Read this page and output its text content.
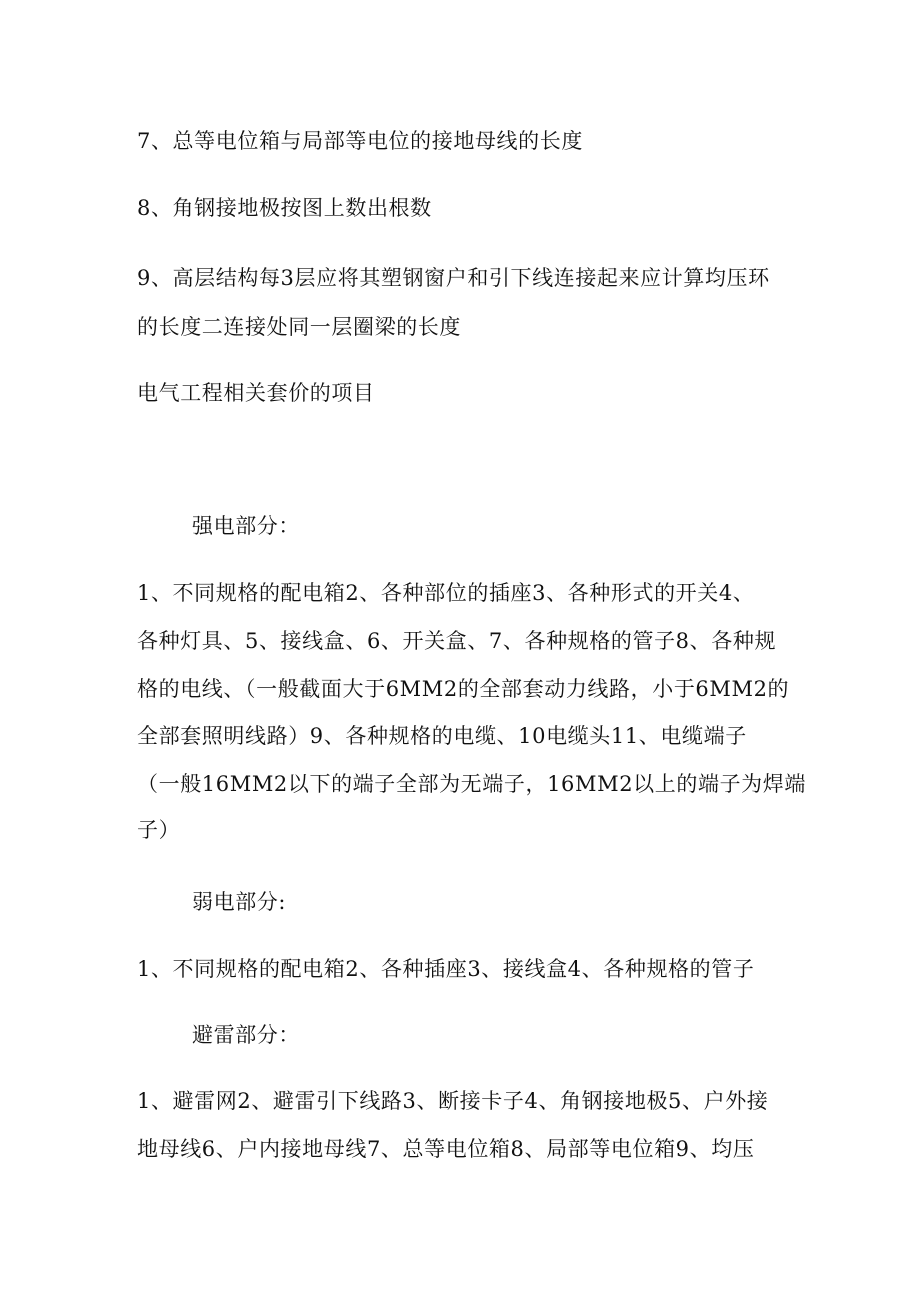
7、总等电位箱与局部等电位的接地母线的长度

8、角钢接地极按图上数出根数

9、高层结构每3层应将其塑钢窗户和引下线连接起来应计算均压环

的长度二连接处同一层圈梁的长度

电气工程相关套价的项目

强电部分：

1、不同规格的配电箱2、各种部位的插座3、各种形式的开关4、

各种灯具、5、接线盒、6、开关盒、7、各种规格的管子8、各种规

格的电线、（一般截面大于6MM2的全部套动力线路，小于6MM2的

全部套照明线路）9、各种规格的电缆、10电缆头11、电缆端子

（一般16MM2以下的端子全部为无端子，16MM2以上的端子为焊端

子）

弱电部分:

1、不同规格的配电箱2、各种插座3、接线盒4、各种规格的管子

避雷部分：

1、避雷网2、避雷引下线路3、断接卡子4、角钢接地极5、户外接

地母线6、户内接地母线7、总等电位箱8、局部等电位箱9、均压
